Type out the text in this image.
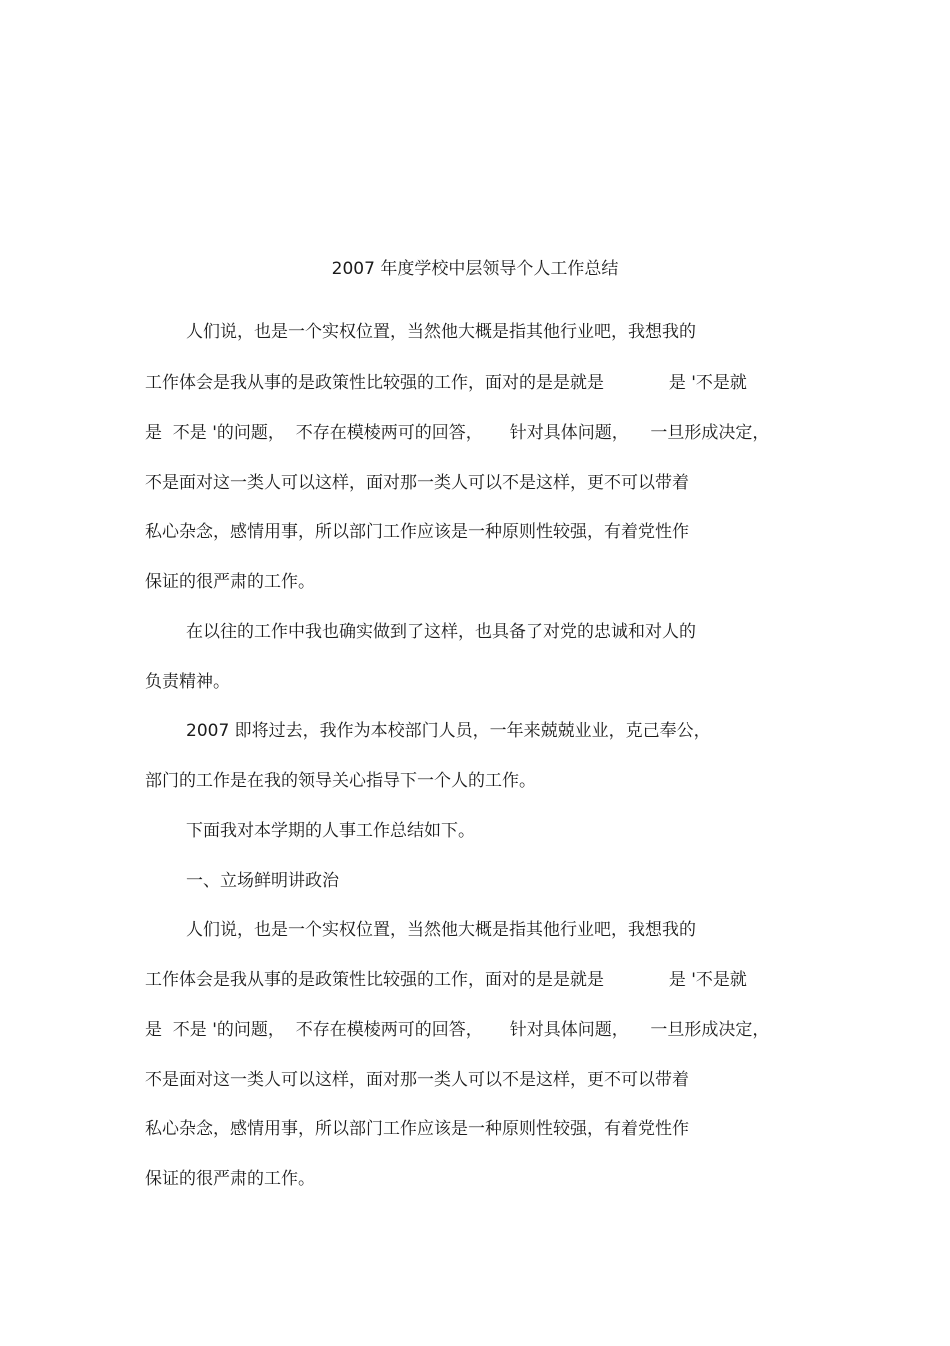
2007 年度学校中层领导个人工作总结
人们说，也是一个实权位置，当然他大概是指其他行业吧，我想我的
工作体会是我从事的是政策性比较强的工作，面对的是是就是            是 '不是就
是  不是 '的问题，  不存在模棱两可的回答，     针对具体问题，    一旦形成决定，
不是面对这一类人可以这样，面对那一类人可以不是这样，更不可以带着
私心杂念，感情用事，所以部门工作应该是一种原则性较强，有着党性作
保证的很严肃的工作。
在以往的工作中我也确实做到了这样，也具备了对党的忠诚和对人的
负责精神。
2007 即将过去，我作为本校部门人员，一年来兢兢业业，克己奉公，
部门的工作是在我的领导关心指导下一个人的工作。
下面我对本学期的人事工作总结如下。
一、立场鲜明讲政治
人们说，也是一个实权位置，当然他大概是指其他行业吧，我想我的
工作体会是我从事的是政策性比较强的工作，面对的是是就是            是 '不是就
是  不是 '的问题，  不存在模棱两可的回答，     针对具体问题，    一旦形成决定，
不是面对这一类人可以这样，面对那一类人可以不是这样，更不可以带着
私心杂念，感情用事，所以部门工作应该是一种原则性较强，有着党性作
保证的很严肃的工作。
